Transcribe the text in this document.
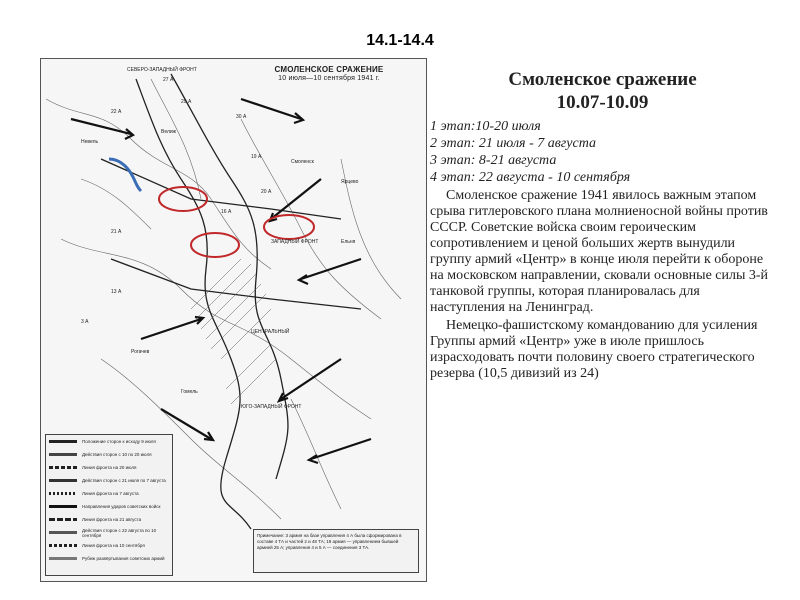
14.1-14.4
СМОЛЕНСКОЕ СРАЖЕНИЕ
10 июля—10 сентября 1941 г.
СЕВЕРО-ЗАПАДНЫЙ ФРОНТ
27 А
22 А
29 А
30 А
19 А
20 А
16 А
21 А
13 А
3 А
ЗАПАДНЫЙ ФРОНТ
ЦЕНТРАЛЬНЫЙ
ЮГО-ЗАПАДНЫЙ ФРОНТ
Смоленск
Ярцево
Ельня
Рогачев
Гомель
Велиж
Невель
Положение сторон к исходу 9 июля
Действия сторон с 10 по 20 июля
Линия фронта на 20 июля
Действия сторон с 21 июля по 7 августа
Линия фронта на 7 августа
Направления ударов советских войск
Линия фронта на 21 августа
Действия сторон с 22 августа по 10 сентября
Линия фронта на 10 сентября
Рубеж развёртывания советских армий
Примечание: 3 армия на базе управления 4 А была сформирована в составе 4 ТА и частей 2 и 48 ТА; 19 армия — управлением бывшей армией 25 А; управления 4 и 5 А — соединения 3 ТА.
Смоленское сражение
10.07-10.09
1 этап:10-20 июля
2 этап: 21 июля - 7 августа
3 этап: 8-21 августа
4 этап: 22 августа - 10 сентября

Смоленское сражение 1941 явилось важным этапом срыва гитлеровского плана молниеносной войны против СССР. Советские войска своим героическим сопротивлением и ценой больших жертв вынудили группу армий «Центр» в конце июля перейти к обороне на московском направлении, сковали основные силы 3-й танковой группы, которая планировалась для наступления на Ленинград.

Немецко-фашистскому командованию для усиления Группы армий «Центр» уже в июле пришлось израсходовать почти половину своего стратегического резерва (10,5 дивизий из 24)
